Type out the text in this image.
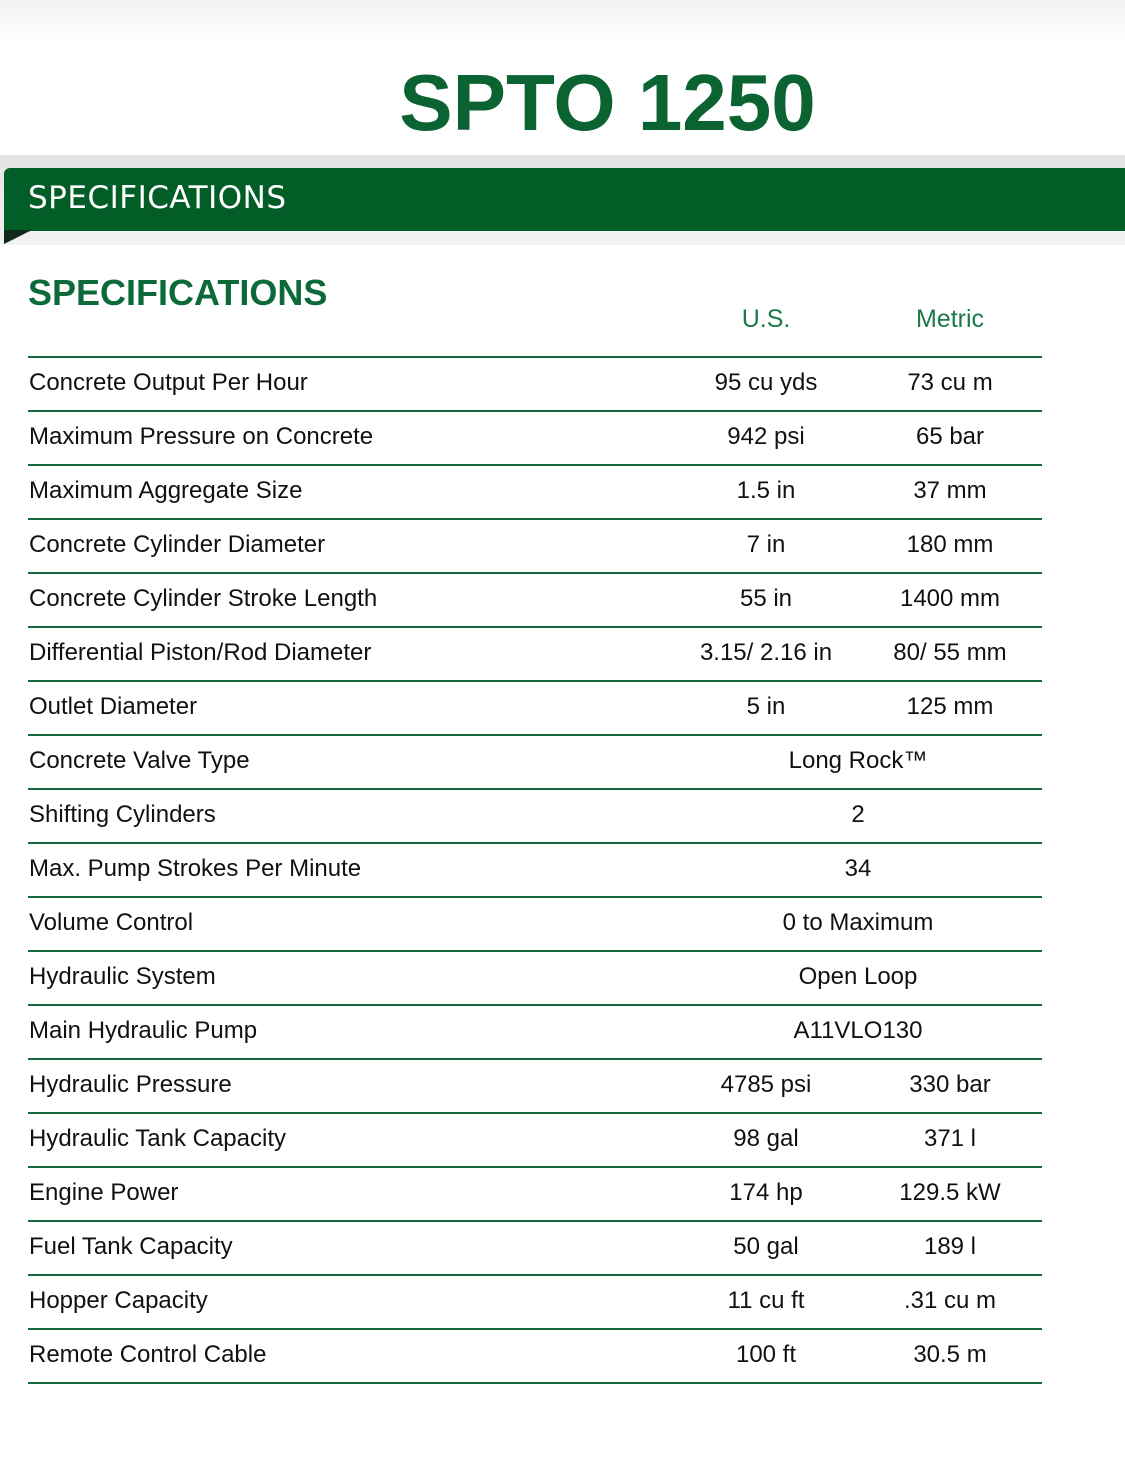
SPTO 1250
SPECIFICATIONS
SPECIFICATIONS
U.S.	Metric
Concrete Output Per Hour	95 cu yds	73 cu m
Maximum Pressure on Concrete	942 psi	65 bar
Maximum Aggregate Size	1.5 in	37 mm
Concrete Cylinder Diameter	7 in	180 mm
Concrete Cylinder Stroke Length	55 in	1400 mm
Differential Piston/Rod Diameter	3.15/ 2.16 in	80/ 55 mm
Outlet Diameter	5 in	125 mm
Concrete Valve Type	Long Rock™
Shifting Cylinders	2
Max. Pump Strokes Per Minute	34
Volume Control	0 to Maximum
Hydraulic System	Open Loop
Main Hydraulic Pump	A11VLO130
Hydraulic Pressure	4785 psi	330 bar
Hydraulic Tank Capacity	98 gal	371 l
Engine Power	174 hp	129.5 kW
Fuel Tank Capacity	50 gal	189 l
Hopper Capacity	11 cu ft	.31 cu m
Remote Control Cable	100 ft	30.5 m
